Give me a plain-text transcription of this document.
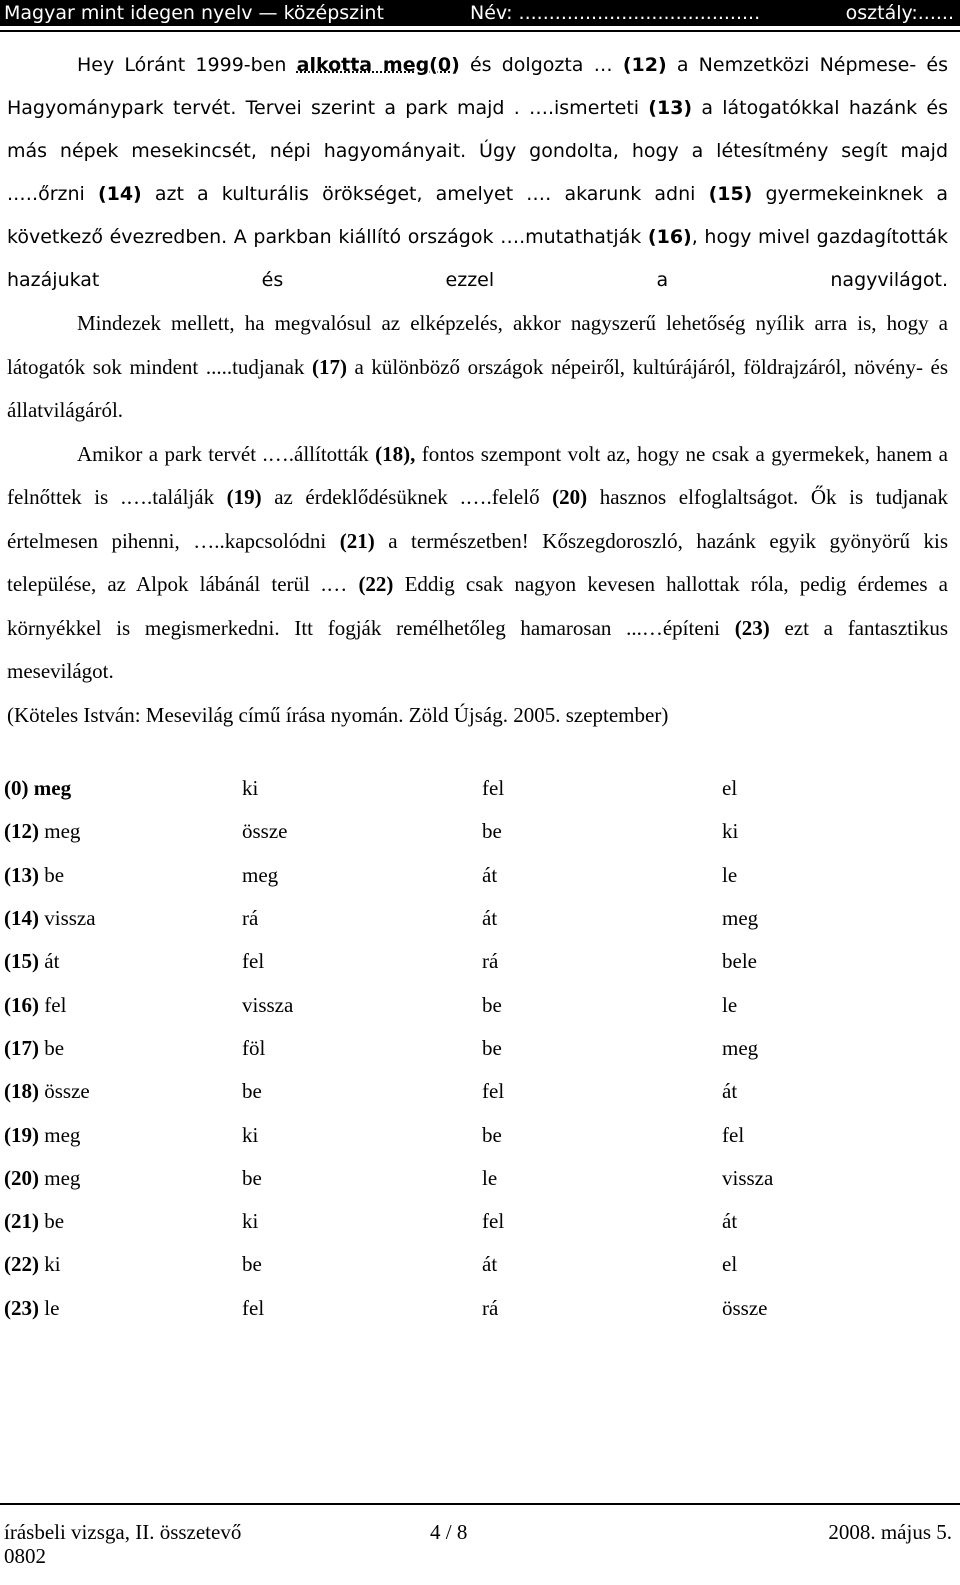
Magyar mint idegen nyelv — középszint	Név: ........................................	osztály:......

Hey Lóránt 1999-ben alkotta meg(0) és dolgozta … (12) a Nemzetközi Népmese- és Hagyománypark tervét. Tervei szerint a park majd . ….ismerteti (13) a látogatókkal hazánk és más népek mesekincsét, népi hagyományait. Úgy gondolta, hogy a létesítmény segít majd .….őrzni (14) azt a kulturális örökséget, amelyet .… akarunk adni (15) gyermekeinknek a következő évezredben. A parkban kiállító országok ….mutathatják (16), hogy mivel gazdagították hazájukat és ezzel a nagyvilágot.

Mindezek mellett, ha megvalósul az elképzelés, akkor nagyszerű lehetőség nyílik arra is, hogy a látogatók sok mindent .....tudjanak (17) a különböző országok népeiről, kultúrájáról, földrajzáról, növény- és állatvilágáról.

Amikor a park tervét .….állították (18), fontos szempont volt az, hogy ne csak a gyermekek, hanem a felnőttek is .….találják (19) az érdeklődésüknek .….felelő (20) hasznos elfoglaltságot. Ők is tudjanak értelmesen pihenni, …..kapcsolódni (21) a természetben! Kőszegdoroszló, hazánk egyik gyönyörű kis települése, az Alpok lábánál terül .… (22) Eddig csak nagyon kevesen hallottak róla, pedig érdemes a környékkel is megismerkedni. Itt fogják remélhetőleg hamarosan ...…építeni (23) ezt a fantasztikus mesevilágot.

(Köteles István: Mesevilág című írása nyomán. Zöld Újság. 2005. szeptember)

(0) meg	ki	fel	el
(12) meg	össze	be	ki
(13) be	meg	át	le
(14) vissza	rá	át	meg
(15) át	fel	rá	bele
(16) fel	vissza	be	le
(17) be	föl	be	meg
(18) össze	be	fel	át
(19) meg	ki	be	fel
(20) meg	be	le	vissza
(21) be	ki	fel	át
(22) ki	be	át	el
(23) le	fel	rá	össze
írásbeli vizsga, II. összetevő	4 / 8	2008. május 5.
0802
